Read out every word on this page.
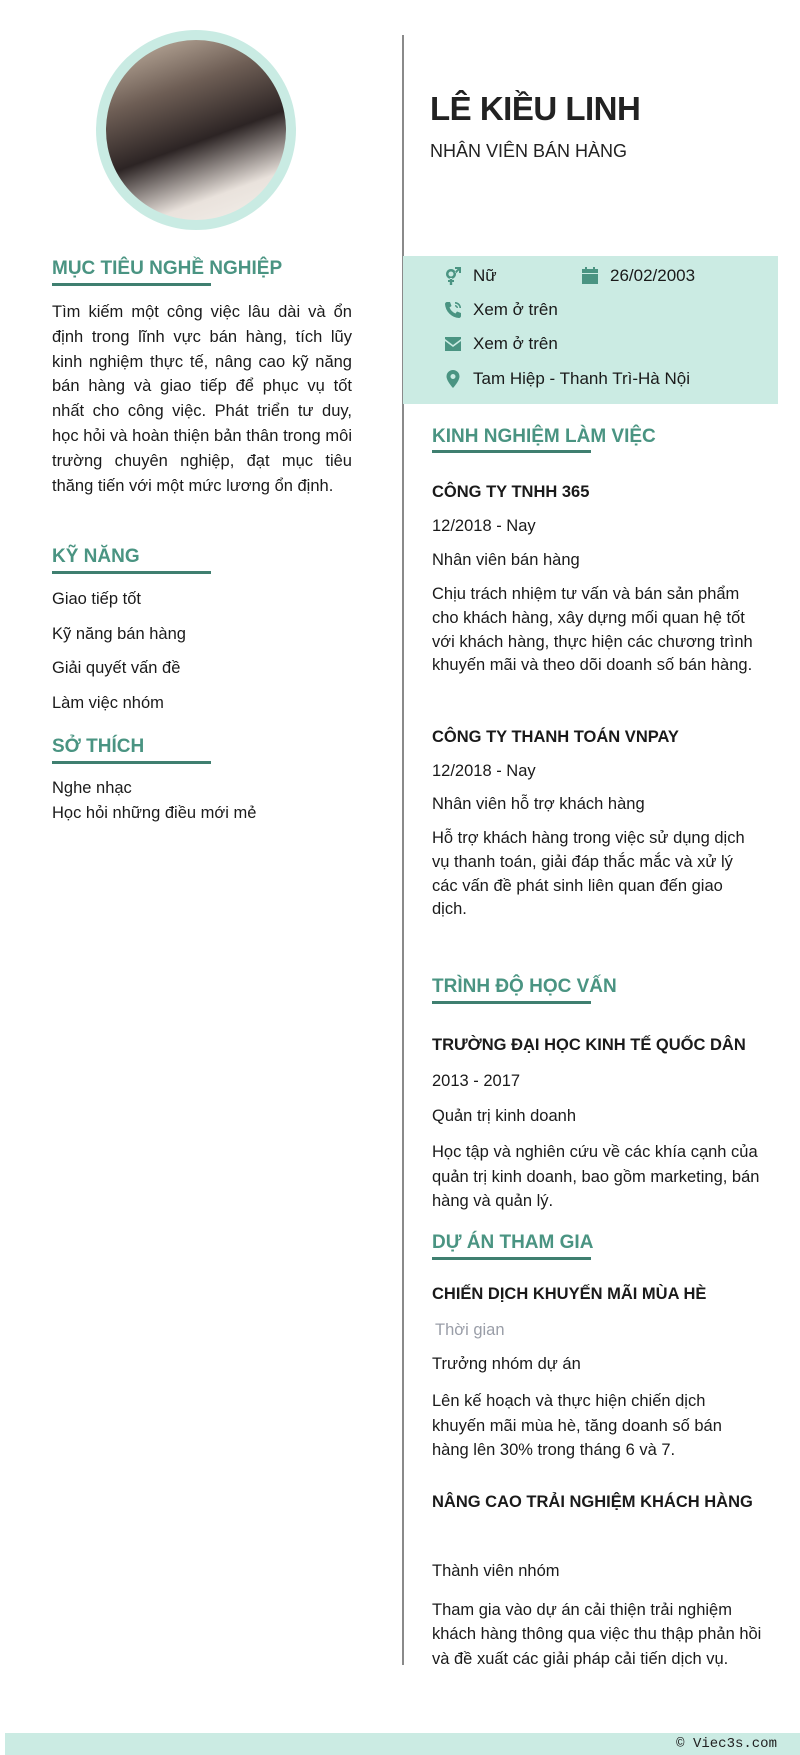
LÊ KIỀU LINH
NHÂN VIÊN BÁN HÀNG
Nữ	26/02/2003
Xem ở trên
Xem ở trên
Tam Hiệp - Thanh Trì-Hà Nội
MỤC TIÊU NGHỀ NGHIỆP
Tìm kiếm một công việc lâu dài và ổn định trong lĩnh vực bán hàng, tích lũy kinh nghiệm thực tế, nâng cao kỹ năng bán hàng và giao tiếp để phục vụ tốt nhất cho công việc. Phát triển tư duy, học hỏi và hoàn thiện bản thân trong môi trường chuyên nghiệp, đạt mục tiêu thăng tiến với một mức lương ổn định.
KỸ NĂNG
Giao tiếp tốt
Kỹ năng bán hàng
Giải quyết vấn đề
Làm việc nhóm
SỞ THÍCH
Nghe nhạc
Học hỏi những điều mới mẻ
KINH NGHIỆM LÀM VIỆC
CÔNG TY TNHH 365
12/2018 - Nay
Nhân viên bán hàng
Chịu trách nhiệm tư vấn và bán sản phẩm cho khách hàng, xây dựng mối quan hệ tốt với khách hàng, thực hiện các chương trình khuyến mãi và theo dõi doanh số bán hàng.
CÔNG TY THANH TOÁN VNPAY
12/2018 - Nay
Nhân viên hỗ trợ khách hàng
Hỗ trợ khách hàng trong việc sử dụng dịch vụ thanh toán, giải đáp thắc mắc và xử lý các vấn đề phát sinh liên quan đến giao dịch.
TRÌNH ĐỘ HỌC VẤN
TRƯỜNG ĐẠI HỌC KINH TẾ QUỐC DÂN
2013 - 2017
Quản trị kinh doanh
Học tập và nghiên cứu về các khía cạnh của quản trị kinh doanh, bao gồm marketing, bán hàng và quản lý.
DỰ ÁN THAM GIA
CHIẾN DỊCH KHUYẾN MÃI MÙA HÈ
Thời gian
Trưởng nhóm dự án
Lên kế hoạch và thực hiện chiến dịch khuyến mãi mùa hè, tăng doanh số bán hàng lên 30% trong tháng 6 và 7.
NÂNG CAO TRẢI NGHIỆM KHÁCH HÀNG
Thành viên nhóm
Tham gia vào dự án cải thiện trải nghiệm khách hàng thông qua việc thu thập phản hồi và đề xuất các giải pháp cải tiến dịch vụ.
© Viec3s.com
